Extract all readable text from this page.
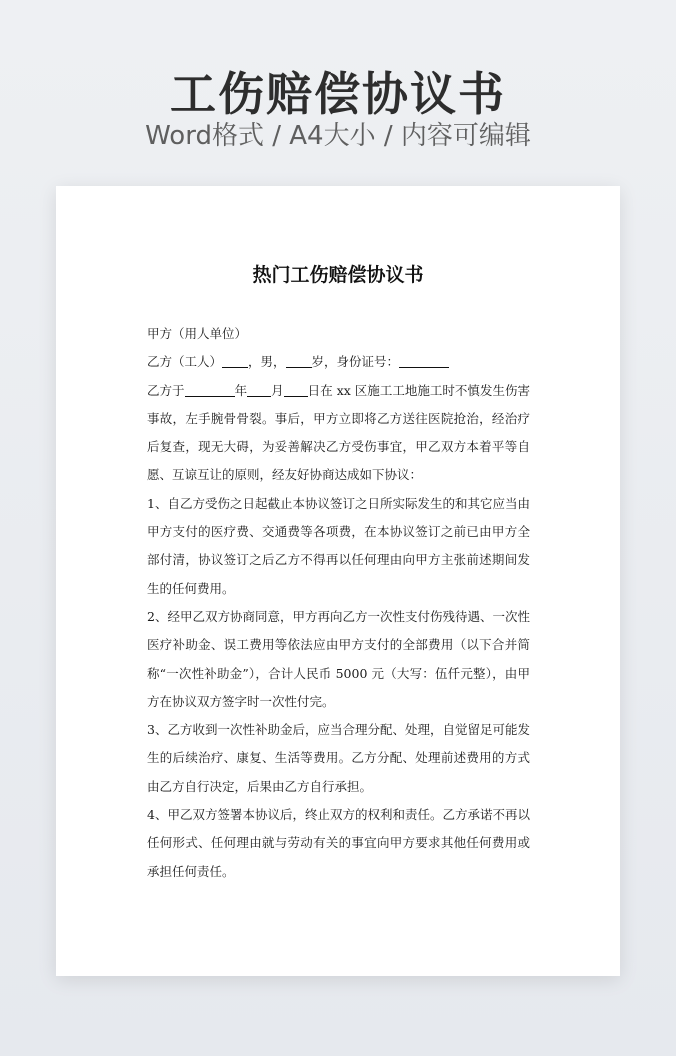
工伤赔偿协议书
Word格式 / A4大小 / 内容可编辑
热门工伤赔偿协议书

甲方（用人单位）

乙方（工人） ，男， 岁，身份证号：

乙方于	年 月 日在 xx 区施工工地施工时不慎发生伤害事故，左手腕骨骨裂。事后，甲方立即将乙方送往医院抢治，经治疗后复查，现无大碍，为妥善解决乙方受伤事宜，甲乙双方本着平等自愿、互谅互让的原则，经友好协商达成如下协议：

1、自乙方受伤之日起截止本协议签订之日所实际发生的和其它应当由甲方支付的医疗费、交通费等各项费，在本协议签订之前已由甲方全部付清，协议签订之后乙方不得再以任何理由向甲方主张前述期间发生的任何费用。

2、经甲乙双方协商同意，甲方再向乙方一次性支付伤残待遇、一次性医疗补助金、误工费用等依法应由甲方支付的全部费用（以下合并简称“一次性补助金”），合计人民币 5000 元（大写：伍仟元整），由甲方在协议双方签字时一次性付完。

3、乙方收到一次性补助金后，应当合理分配、处理，自觉留足可能发生的后续治疗、康复、生活等费用。乙方分配、处理前述费用的方式由乙方自行决定，后果由乙方自行承担。

4、甲乙双方签署本协议后，终止双方的权利和责任。乙方承诺不再以任何形式、任何理由就与劳动有关的事宜向甲方要求其他任何费用或承担任何责任。
